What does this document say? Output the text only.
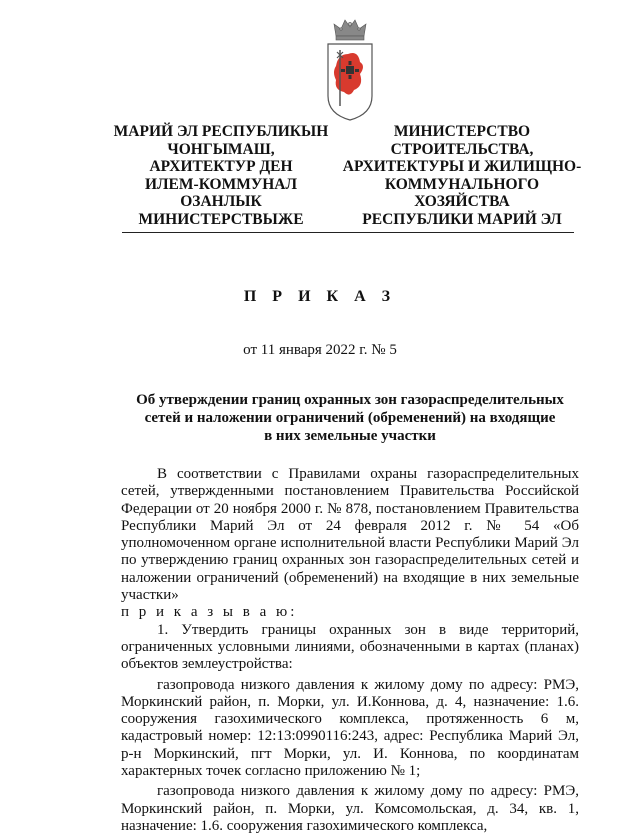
МАРИЙ ЭЛ РЕСПУБЛИКЫН
ЧОНГЫМАШ,
АРХИТЕКТУР ДЕН
ИЛЕМ-КОММУНАЛ
ОЗАНЛЫК
МИНИСТЕРСТВЫЖЕ
МИНИСТЕРСТВО
СТРОИТЕЛЬСТВА,
АРХИТЕКТУРЫ И ЖИЛИЩНО-
КОММУНАЛЬНОГО
ХОЗЯЙСТВА
РЕСПУБЛИКИ МАРИЙ ЭЛ
П Р И К А З
от 11 января 2022 г. № 5
Об утверждении границ охранных зон газораспределительных
сетей и наложении ограничений (обременений) на входящие
в них земельные участки

В соответствии с Правилами охраны газораспределительных сетей, утвержденными постановлением Правительства Российской Федерации от 20 ноября 2000 г. № 878, постановлением Правительства Республики Марий Эл от 24 февраля 2012 г. № 54 «Об уполномоченном органе исполнительной власти Республики Марий Эл по утверждению границ охранных зон газораспределительных сетей и наложении ограничений (обременений) на входящие в них земельные участки»

п р и к а з ы в а ю:

1. Утвердить границы охранных зон в виде территорий, ограниченных условными линиями, обозначенными в картах (планах) объектов землеустройства:

газопровода низкого давления к жилому дому по адресу: РМЭ, Моркинский район, п. Морки, ул. И.Коннова, д. 4, назначение: 1.6. сооружения газохимического комплекса, протяженность 6 м, кадастровый номер: 12:13:0990116:243, адрес: Республика Марий Эл, р-н Моркинский, пгт Морки, ул. И. Коннова, по координатам характерных точек согласно приложению № 1;

газопровода низкого давления к жилому дому по адресу: РМЭ, Моркинский район, п. Морки, ул. Комсомольская, д. 34, кв. 1, назначение: 1.6. сооружения газохимического комплекса,
